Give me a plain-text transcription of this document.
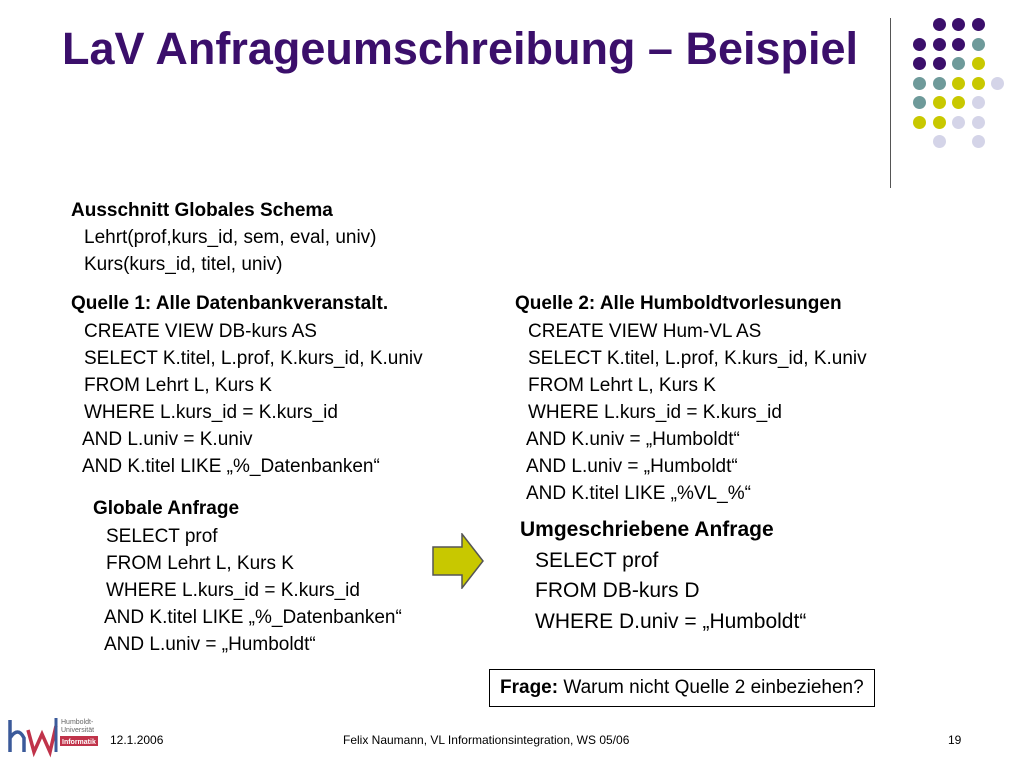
LaV Anfrageumschreibung – Beispiel
Ausschnitt Globales Schema
Lehrt(prof,kurs_id, sem, eval, univ)
Kurs(kurs_id, titel, univ)
Quelle 1: Alle Datenbankveranstalt.
CREATE VIEW DB-kurs AS
SELECT K.titel, L.prof, K.kurs_id, K.univ
FROM Lehrt L, Kurs K
WHERE L.kurs_id = K.kurs_id
AND L.univ = K.univ
AND K.titel LIKE „%_Datenbanken“
Quelle 2: Alle Humboldtvorlesungen
CREATE VIEW Hum-VL AS
SELECT K.titel, L.prof, K.kurs_id, K.univ
FROM Lehrt L, Kurs K
WHERE L.kurs_id = K.kurs_id
AND K.univ = „Humboldt“
AND L.univ = „Humboldt“
AND K.titel LIKE „%VL_%“
Globale Anfrage
SELECT prof
FROM Lehrt L, Kurs K
WHERE L.kurs_id = K.kurs_id
AND K.titel LIKE „%_Datenbanken“
AND L.univ = „Humboldt“
Umgeschriebene Anfrage
SELECT prof
FROM DB-kurs D
WHERE D.univ = „Humboldt“
Frage: Warum nicht Quelle 2 einbeziehen?
Humboldt-
Universität
Informatik 12.1.2006	Felix Naumann, VL Informationsintegration, WS 05/06	19
